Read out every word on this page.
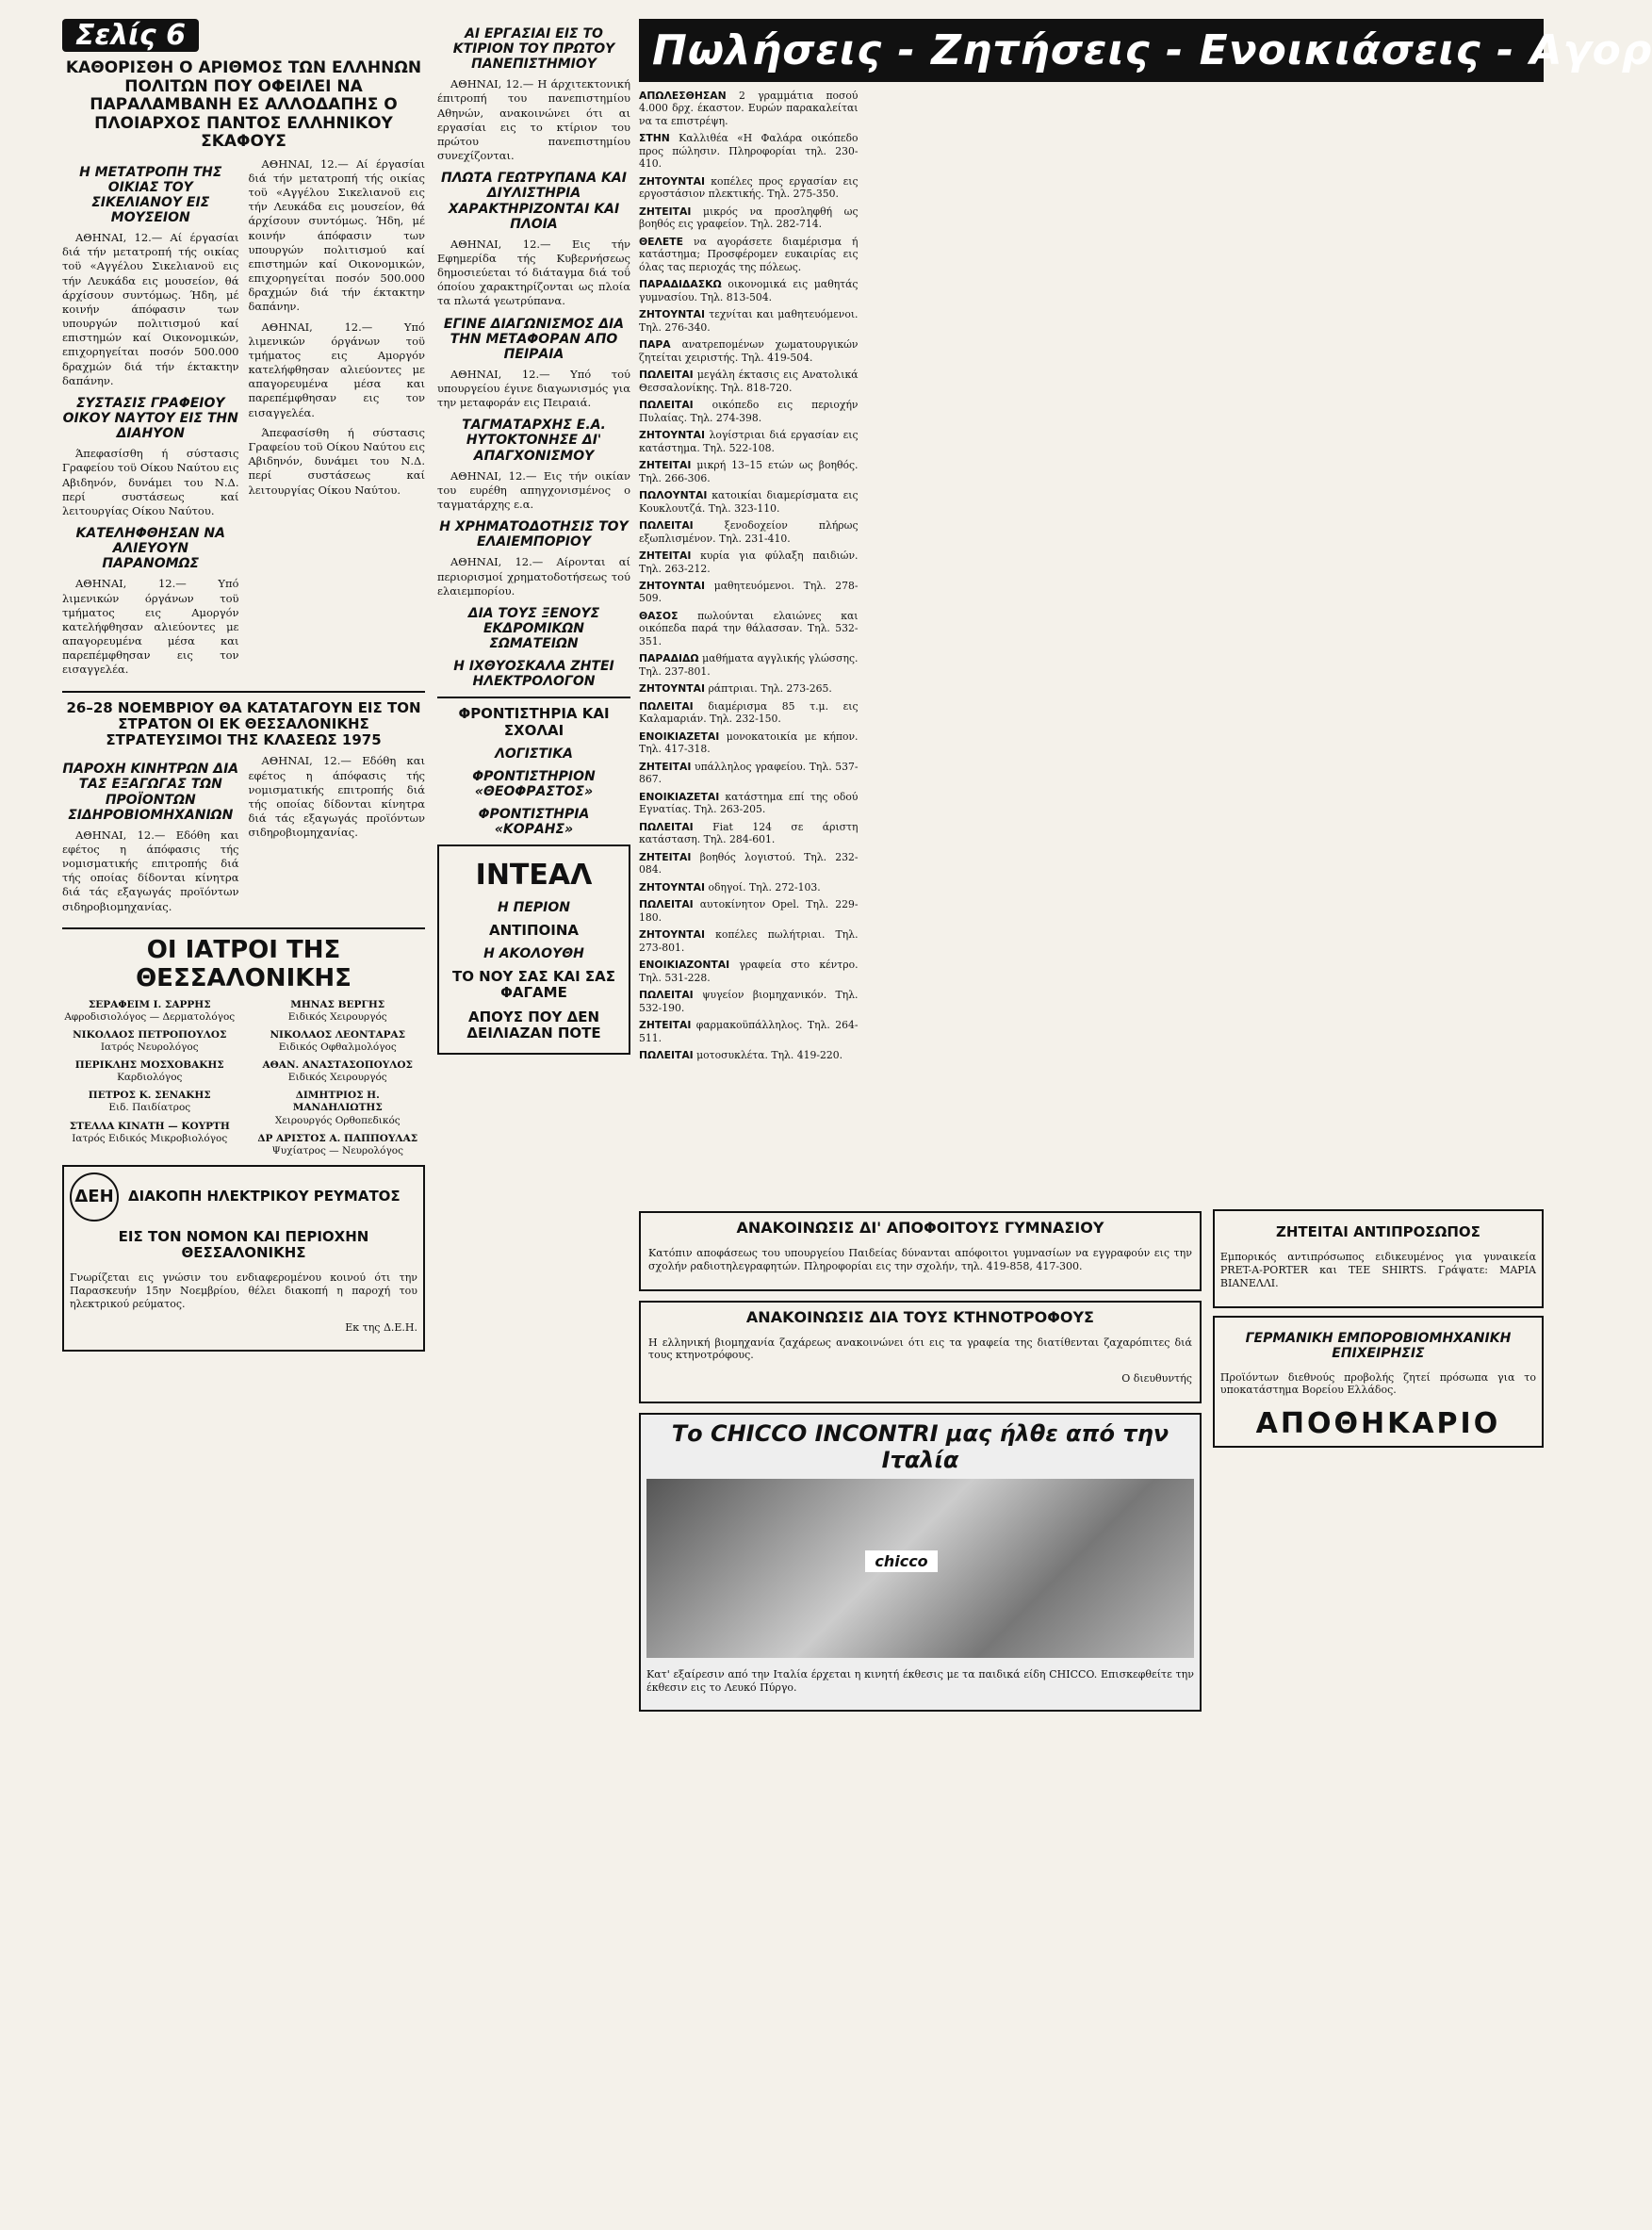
Σελίς 6
ΚΑΘΟΡΙΣΘΗ Ο ΑΡΙΘΜΟΣ ΤΩΝ ΕΛΛΗΝΩΝ ΠΟΛΙΤΩΝ ΠΟΥ ΟΦΕΙΛΕΙ ΝΑ ΠΑΡΑΛΑΜΒΑΝΗ ΕΣ ΑΛΛΟΔΑΠΗΣ Ο ΠΛΟΙΑΡΧΟΣ ΠΑΝΤΟΣ ΕΛΛΗΝΙΚΟΥ ΣΚΑΦΟΥΣ
Η ΜΕΤΑΤΡΟΠΗ ΤΗΣ ΟΙΚΙΑΣ ΤΟΥ ΣΙΚΕΛΙΑΝΟΥ ΕΙΣ ΜΟΥΣΕΙΟΝ

ΑΘΗΝΑΙ, 12.— Αί έργασίαι διά τήν μετατροπή τής οικίας τοϋ «Αγγέλου Σικελιανοϋ εις τήν Λευκάδα εις μουσείον, θά άρχίσουν συντόμως. Ήδη, μέ κοινήν άπόφασιν των υπουργών πολιτισμού καί επιστημών καί Οικονομικών, επιχορηγείται ποσόν 500.000 δραχμών διά τήν έκτακτην δαπάνην.

ΣΥΣΤΑΣΙΣ ΓΡΑΦΕΙΟΥ ΟΙΚΟΥ ΝΑΥΤΟΥ ΕΙΣ ΤΗΝ ΔΙΑΗΥΟΝ

Άπεφασίσθη ή σύστασις Γραφείου τοϋ Οίκου Ναύτου εις Αβιδηνόν, δυνάμει του Ν.Δ. περί συστάσεως καί λειτουργίας Οίκου Ναύτου.

ΚΑΤΕΛΗΦΘΗΣΑΝ ΝΑ ΑΛΙΕΥΟΥΝ ΠΑΡΑΝΟΜΩΣ

ΑΘΗΝΑΙ, 12.— Υπό λιμενικών όργάνων τοϋ τμήματος εις Αμοργόν κατελήφθησαν αλιεύοντες με απαγορευμένα μέσα και παρεπέμφθησαν εις τον εισαγγελέα.

ΑΘΗΝΑΙ, 12.— Αί έργασίαι διά τήν μετατροπή τής οικίας τοϋ «Αγγέλου Σικελιανοϋ εις τήν Λευκάδα εις μουσείον, θά άρχίσουν συντόμως. Ήδη, μέ κοινήν άπόφασιν των υπουργών πολιτισμού καί επιστημών καί Οικονομικών, επιχορηγείται ποσόν 500.000 δραχμών διά τήν έκτακτην δαπάνην.

ΑΘΗΝΑΙ, 12.— Υπό λιμενικών όργάνων τοϋ τμήματος εις Αμοργόν κατελήφθησαν αλιεύοντες με απαγορευμένα μέσα και παρεπέμφθησαν εις τον εισαγγελέα.

Άπεφασίσθη ή σύστασις Γραφείου τοϋ Οίκου Ναύτου εις Αβιδηνόν, δυνάμει του Ν.Δ. περί συστάσεως καί λειτουργίας Οίκου Ναύτου.

26–28 ΝΟΕΜΒΡΙΟΥ ΘΑ ΚΑΤΑΤΑΓΟΥΝ ΕΙΣ ΤΟΝ ΣΤΡΑΤΟΝ ΟΙ ΕΚ ΘΕΣΣΑΛΟΝΙΚΗΣ ΣΤΡΑΤΕΥΣΙΜΟΙ ΤΗΣ ΚΛΑΣΕΩΣ 1975
ΠΑΡΟΧΗ ΚΙΝΗΤΡΩΝ ΔΙΑ ΤΑΣ ΕΞΑΓΩΓΑΣ ΤΩΝ ΠΡΟΪΟΝΤΩΝ ΣΙΔΗΡΟΒΙΟΜΗΧΑΝΙΩΝ

ΑΘΗΝΑΙ, 12.— Εδόθη και εφέτος η άπόφασις τής νομισματικής επιτροπής διά τής οποίας δίδονται κίνητρα διά τάς εξαγωγάς προϊόντων σιδηροβιομηχανίας.

ΑΘΗΝΑΙ, 12.— Εδόθη και εφέτος η άπόφασις τής νομισματικής επιτροπής διά τής οποίας δίδονται κίνητρα διά τάς εξαγωγάς προϊόντων σιδηροβιομηχανίας.

ΟΙ ΙΑΤΡΟΙ ΤΗΣ ΘΕΣΣΑΛΟΝΙΚΗΣ
ΣΕΡΑΦΕΙΜ Ι. ΣΑΡΡΗΣ
Αφροδισιολόγος — Δερματολόγος
ΝΙΚΟΛΑΟΣ ΠΕΤΡΟΠΟΥΛΟΣ
Ιατρός Νευρολόγος
ΠΕΡΙΚΛΗΣ ΜΟΣΧΟΒΑΚΗΣ
Καρδιολόγος
ΠΕΤΡΟΣ Κ. ΣΕΝΑΚΗΣ
Ειδ. Παιδίατρος
ΣΤΕΛΛΑ ΚΙΝΑΤΗ — ΚΟΥΡΤΗ
Ιατρός Ειδικός Μικροβιολόγος
ΜΗΝΑΣ ΒΕΡΓΗΣ
Ειδικός Χειρουργός
ΝΙΚΟΛΑΟΣ ΛΕΟΝΤΑΡΑΣ
Ειδικός Οφθαλμολόγος
ΑΘΑΝ. ΑΝΑΣΤΑΣΟΠΟΥΛΟΣ
Ειδικός Χειρουργός
ΔΙΜΗΤΡΙΟΣ Η. ΜΑΝΔΗΛΙΩΤΗΣ
Χειρουργός Ορθοπεδικός
ΔΡ ΑΡΙΣΤΟΣ Α. ΠΑΠΠΟΥΛΑΣ
Ψυχίατρος — Νευρολόγος
ΔΕΗ	ΔΙΑΚΟΠΗ ΗΛΕΚΤΡΙΚΟΥ ΡΕΥΜΑΤΟΣ
ΕΙΣ ΤΟΝ ΝΟΜΟΝ ΚΑΙ ΠΕΡΙΟΧΗΝ ΘΕΣΣΑΛΟΝΙΚΗΣ

Γνωρίζεται εις γνώσιν του ενδιαφερομένου κοινού ότι την Παρασκευήν 15ην Νοεμβρίου, θέλει διακοπή η παροχή του ηλεκτρικού ρεύματος.

Εκ της Δ.Ε.Η.

ΑΙ ΕΡΓΑΣΙΑΙ ΕΙΣ ΤΟ ΚΤΙΡΙΟΝ ΤΟΥ ΠΡΩΤΟΥ ΠΑΝΕΠΙΣΤΗΜΙΟΥ

ΑΘΗΝΑΙ, 12.— Η άρχιτεκτονική έπιτροπή του πανεπιστημίου Αθηνών, ανακοινώνει ότι αι εργασίαι εις το κτίριον του πρώτου πανεπιστημίου συνεχίζονται.

ΠΛΩΤΑ ΓΕΩΤΡΥΠΑΝΑ ΚΑΙ ΔΙΥΛΙΣΤΗΡΙΑ ΧΑΡΑΚΤΗΡΙΖΟΝΤΑΙ ΚΑΙ ΠΛΟΙΑ

ΑΘΗΝΑΙ, 12.— Εις τήν Εφημερίδα τής Κυβερνήσεως δημοσιεύεται τό διάταγμα διά τοΰ όποίου χαρακτηρίζονται ως πλοία τα πλωτά γεωτρύπανα.

ΕΓΙΝΕ ΔΙΑΓΩΝΙΣΜΟΣ ΔΙΑ ΤΗΝ ΜΕΤΑΦΟΡΑΝ ΑΠΟ ΠΕΙΡΑΙΑ

ΑΘΗΝΑΙ, 12.— Υπό τού υπουργείου έγινε διαγωνισμός για την μεταφοράν εις Πειραιά.

ΤΑΓΜΑΤΑΡΧΗΣ Ε.Α. ΗΥΤΟΚΤΟΝΗΣΕ ΔΙ' ΑΠΑΓΧΟΝΙΣΜΟΥ

ΑΘΗΝΑΙ, 12.— Εις τήν οικίαν του ευρέθη απηγχονισμένος ο ταγματάρχης ε.α.

Η ΧΡΗΜΑΤΟΔΟΤΗΣΙΣ ΤΟΥ ΕΛΑΙΕΜΠΟΡΙΟΥ

ΑΘΗΝΑΙ, 12.— Αίρονται αί περιορισμοί χρηματοδοτήσεως τού ελαιεμπορίου.

ΔΙΑ ΤΟΥΣ ΞΕΝΟΥΣ ΕΚΔΡΟΜΙΚΩΝ ΣΩΜΑΤΕΙΩΝ
Η ΙΧΘΥΟΣΚΑΛΑ ΖΗΤΕΙ ΗΛΕΚΤΡΟΛΟΓΟΝ
ΦΡΟΝΤΙΣΤΗΡΙΑ ΚΑΙ ΣΧΟΛΑΙ
ΛΟΓΙΣΤΙΚΑ
ΦΡΟΝΤΙΣΤΗΡΙΟΝ «ΘΕΟΦΡΑΣΤΟΣ»
ΦΡΟΝΤΙΣΤΗΡΙΑ «ΚΟΡΑΗΣ»
ΙΝΤΕΑΛ
Η ΠΕΡΙΟΝ
ΑΝΤΙΠΟΙΝΑ
Η ΑΚΟΛΟΥΘΗ
ΤΟ ΝΟΥ ΣΑΣ ΚΑΙ ΣΑΣ ΦΑΓΑΜΕ
ΑΠΟΥΣ ΠΟΥ ΔΕΝ ΔΕΙΛΙΑΖΑΝ ΠΟΤΕ
Πωλήσεις - Ζητήσεις - Ενοικιάσεις - Αγορ
ΑΠΩΛΕΣΘΗΣΑΝ 2 γραμμάτια ποσού 4.000 δρχ. έκαστον. Ευρών παρακαλείται να τα επιστρέψη.
ΣΤΗΝ Καλλιθέα «Η Φαλάρα οικόπεδο προς πώλησιν. Πληροφορίαι τηλ. 230-410.
ΖΗΤΟΥΝΤΑΙ κοπέλες προς εργασίαν εις εργοστάσιον πλεκτικής. Τηλ. 275-350.
ΖΗΤΕΙΤΑΙ μικρός να προσληφθή ως βοηθός εις γραφείον. Τηλ. 282-714.
ΘΕΛΕΤΕ να αγοράσετε διαμέρισμα ή κατάστημα; Προσφέρομεν ευκαιρίας εις όλας τας περιοχάς της πόλεως.
ΠΑΡΑΔΙΔΑΣΚΩ οικονομικά εις μαθητάς γυμνασίου. Τηλ. 813-504.
ΖΗΤΟΥΝΤΑΙ τεχνίται και μαθητευόμενοι. Τηλ. 276-340.
ΠΑΡΑ ανατρεπομένων χωματουργικών ζητείται χειριστής. Τηλ. 419-504.
ΠΩΛΕΙΤΑΙ μεγάλη έκτασις εις Ανατολικά Θεσσαλονίκης. Τηλ. 818-720.
ΠΩΛΕΙΤΑΙ οικόπεδο εις περιοχήν Πυλαίας. Τηλ. 274-398.
ΖΗΤΟΥΝΤΑΙ λογίστριαι διά εργασίαν εις κατάστημα. Τηλ. 522-108.
ΖΗΤΕΙΤΑΙ μικρή 13–15 ετών ως βοηθός. Τηλ. 266-306.
ΠΩΛΟΥΝΤΑΙ κατοικίαι διαμερίσματα εις Κουκλουτζά. Τηλ. 323-110.
ΠΩΛΕΙΤΑΙ	ξενοδοχείον πλήρως εξωπλισμένον. Τηλ. 231-410.
ΖΗΤΕΙΤΑΙ κυρία για φύλαξη παιδιών. Τηλ. 263-212.
ΖΗΤΟΥΝΤΑΙ μαθητευόμενοι. Τηλ. 278-509.
ΘΑΣΟΣ πωλούνται ελαιώνες και οικόπεδα παρά την θάλασσαν. Τηλ. 532-351.
ΠΑΡΑΔΙΔΩ μαθήματα αγγλικής γλώσσης. Τηλ. 237-801.
ΖΗΤΟΥΝΤΑΙ ράπτριαι. Τηλ. 273-265.
ΠΩΛΕΙΤΑΙ διαμέρισμα 85 τ.μ. εις Καλαμαριάν. Τηλ. 232-150.
ΕΝΟΙΚΙΑΖΕΤΑΙ μονοκατοικία με κήπον. Τηλ. 417-318.
ΖΗΤΕΙΤΑΙ υπάλληλος γραφείου. Τηλ. 537-867.
ΕΝΟΙΚΙΑΖΕΤΑΙ κατάστημα επί της οδού Εγνατίας. Τηλ. 263-205.
ΠΩΛΕΙΤΑΙ Fiat 124 σε άριστη κατάσταση. Τηλ. 284-601.
ΖΗΤΕΙΤΑΙ βοηθός λογιστού. Τηλ. 232-084.
ΖΗΤΟΥΝΤΑΙ οδηγοί. Τηλ. 272-103.
ΠΩΛΕΙΤΑΙ αυτοκίνητον Opel. Τηλ. 229-180.
ΖΗΤΟΥΝΤΑΙ κοπέλες πωλήτριαι. Τηλ. 273-801.
ΕΝΟΙΚΙΑΖΟΝΤΑΙ γραφεία στο κέντρο. Τηλ. 531-228.
ΠΩΛΕΙΤΑΙ ψυγείον βιομηχανικόν. Τηλ. 532-190.
ΖΗΤΕΙΤΑΙ φαρμακοϋπάλληλος. Τηλ. 264-511.
ΠΩΛΕΙΤΑΙ μοτοσυκλέτα. Τηλ. 419-220.
ΑΝΑΚΟΙΝΩΣΙΣ ΔΙ' ΑΠΟΦΟΙΤΟΥΣ ΓΥΜΝΑΣΙΟΥ

Κατόπιν αποφάσεως του υπουργείου Παιδείας δύνανται απόφοιτοι γυμνασίων να εγγραφούν εις την σχολήν ραδιοτηλεγραφητών. Πληροφορίαι εις την σχολήν, τηλ. 419-858, 417-300.

ΑΝΑΚΟΙΝΩΣΙΣ ΔΙΑ ΤΟΥΣ ΚΤΗΝΟΤΡΟΦΟΥΣ

Η ελληνική βιομηχανία ζαχάρεως ανακοινώνει ότι εις τα γραφεία της διατίθενται ζαχαρόπιτες διά τους κτηνοτρόφους.

Ο διευθυντής

Το CHICCO INCONTRI μας ήλθε από την Ιταλία
chicco

Κατ' εξαίρεσιν από την Ιταλία έρχεται η κινητή έκθεσις με τα παιδικά είδη CHICCO. Επισκεφθείτε την έκθεσιν εις το Λευκό Πύργο.

ΖΗΤΕΙΤΑΙ ΑΝΤΙΠΡΟΣΩΠΟΣ

Εμπορικός αντιπρόσωπος ειδικευμένος για γυναικεία PRET-A-PORTER και TEE SHIRTS. Γράψατε: ΜΑΡΙΑ ΒΙΑΝΕΛΛΙ.

ΓΕΡΜΑΝΙΚΗ ΕΜΠΟΡΟΒΙΟΜΗΧΑΝΙΚΗ ΕΠΙΧΕΙΡΗΣΙΣ

Προϊόντων διεθνούς προβολής ζητεί πρόσωπα για το υποκατάστημα Βορείου Ελλάδος.

ΑΠΟΘΗΚΑΡΙΟ
